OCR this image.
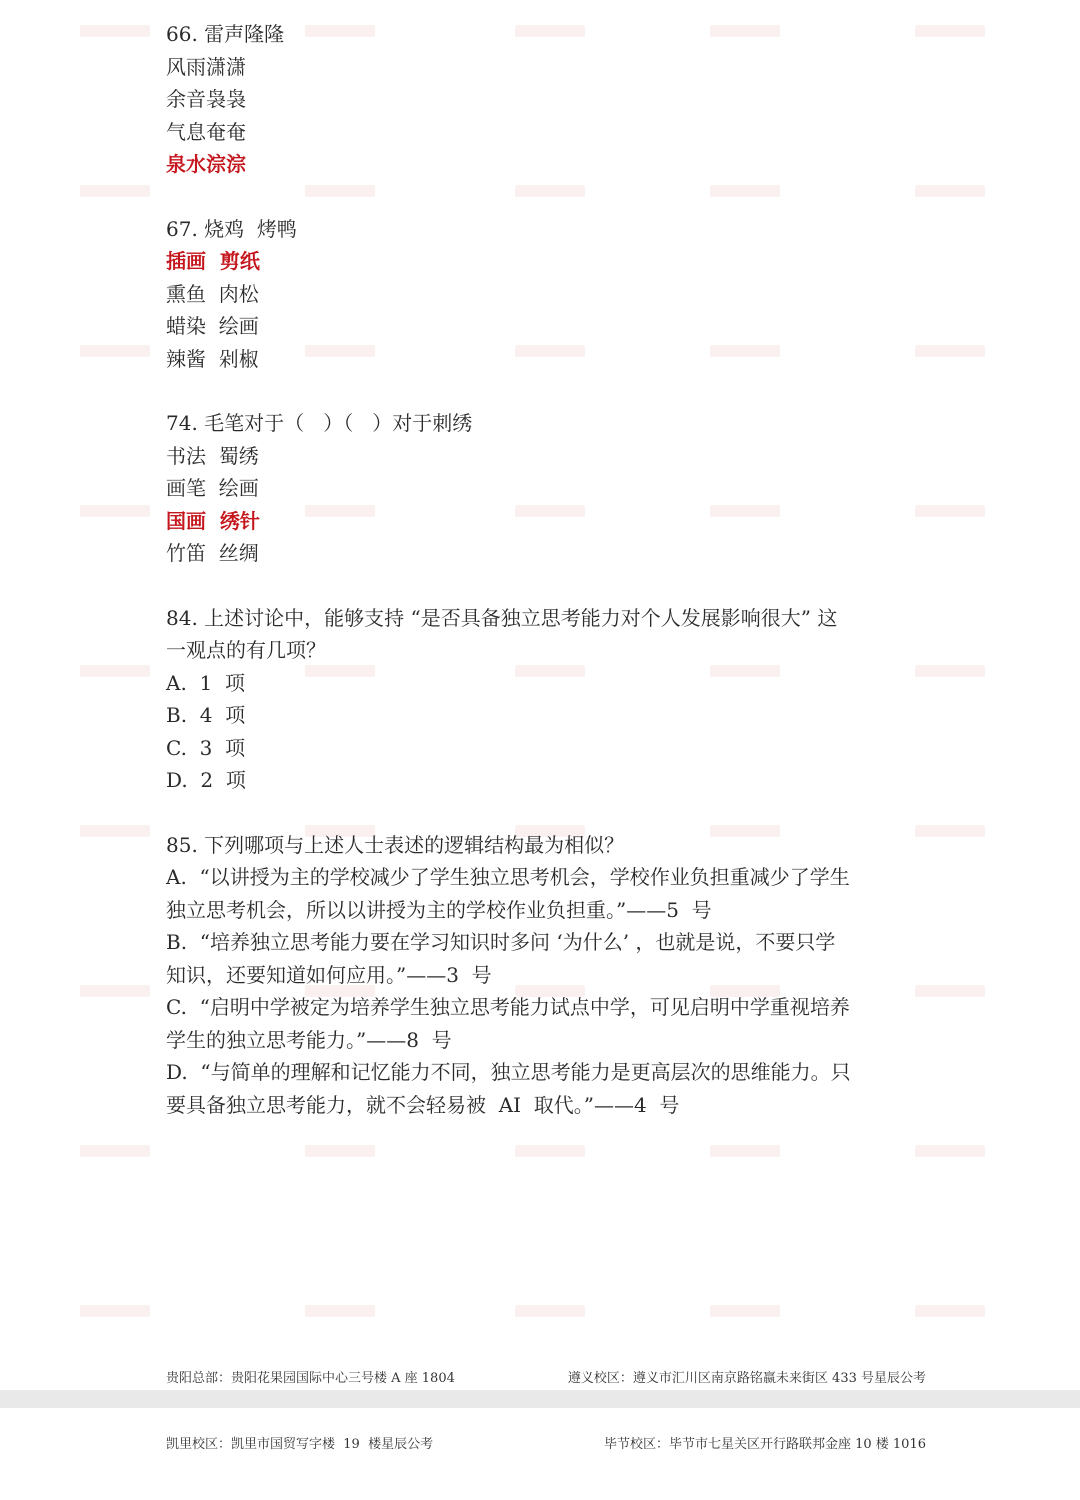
66. 雷声隆隆
风雨潇潇
余音袅袅
气息奄奄
泉水淙淙
67. 烧鸡  烤鸭
插画  剪纸
熏鱼  肉松
蜡染  绘画
辣酱  剁椒
74. 毛笔对于（   ）（   ）对于刺绣
书法  蜀绣
画笔  绘画
国画  绣针
竹笛  丝绸
84. 上述讨论中，能够支持 “是否具备独立思考能力对个人发展影响很大” 这
一观点的有几项？
A.  1  项
B.  4  项
C.  3  项
D.  2  项
85. 下列哪项与上述人士表述的逻辑结构最为相似？
A.  “以讲授为主的学校减少了学生独立思考机会，学校作业负担重减少了学生
独立思考机会，所以以讲授为主的学校作业负担重。”——5  号
B.  “培养独立思考能力要在学习知识时多问 ‘为什么’ ，也就是说，不要只学
知识，还要知道如何应用。”——3  号
C.  “启明中学被定为培养学生独立思考能力试点中学，可见启明中学重视培养
学生的独立思考能力。”——8  号
D.  “与简单的理解和记忆能力不同，独立思考能力是更高层次的思维能力。只
要具备独立思考能力，就不会轻易被  AI  取代。”——4  号

贵阳总部：贵阳花果园国际中心三号楼 A 座 1804	遵义校区：遵义市汇川区南京路铭嬴未来街区 433 号星辰公考

凯里校区：凯里市国贸写字楼  19  楼星辰公考	毕节校区：毕节市七星关区开行路联邦金座 10 楼 1016
